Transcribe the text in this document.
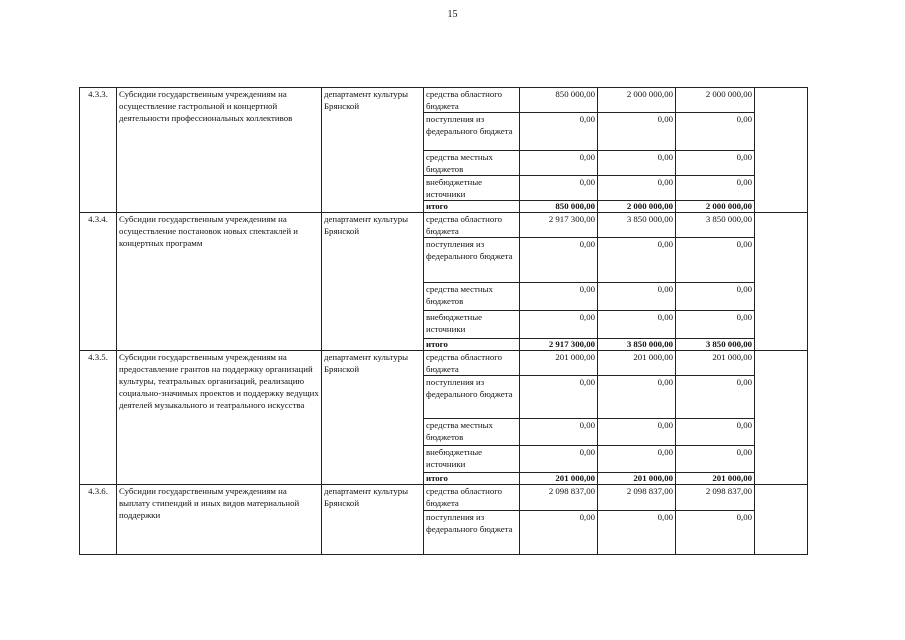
15
4.3.3.	Субсидии государственным учреждениям на осуществление гастрольной и концертной деятельности профессиональных коллективов	департамент культуры Брянской	средства областного бюджета	850 000,00	2 000 000,00	2 000 000,00	
			поступления из федерального бюджета	0,00	0,00	0,00	
			средства местных бюджетов	0,00	0,00	0,00	
			внебюджетные источники	0,00	0,00	0,00	
			итого	850 000,00	2 000 000,00	2 000 000,00	
4.3.4.	Субсидии государственным учреждениям на осуществление постановок новых спектаклей и концертных программ	департамент культуры Брянской	средства областного бюджета	2 917 300,00	3 850 000,00	3 850 000,00	
			поступления из федерального бюджета	0,00	0,00	0,00	
			средства местных бюджетов	0,00	0,00	0,00	
			внебюджетные источники	0,00	0,00	0,00	
			итого	2 917 300,00	3 850 000,00	3 850 000,00	
4.3.5.	Субсидии государственным учреждениям на предоставление грантов на поддержку организаций культуры, театральных организаций, реализацию социально-значимых проектов и поддержку ведущих деятелей музыкального и театрального искусства	департамент культуры Брянской	средства областного бюджета	201 000,00	201 000,00	201 000,00	
			поступления из федерального бюджета	0,00	0,00	0,00	
			средства местных бюджетов	0,00	0,00	0,00	
			внебюджетные источники	0,00	0,00	0,00	
			итого	201 000,00	201 000,00	201 000,00	
4.3.6.	Субсидии государственным учреждениям на выплату стипендий и иных видов материальной поддержки	департамент культуры Брянской	средства областного бюджета	2 098 837,00	2 098 837,00	2 098 837,00	
			поступления из федерального бюджета	0,00	0,00	0,00	
